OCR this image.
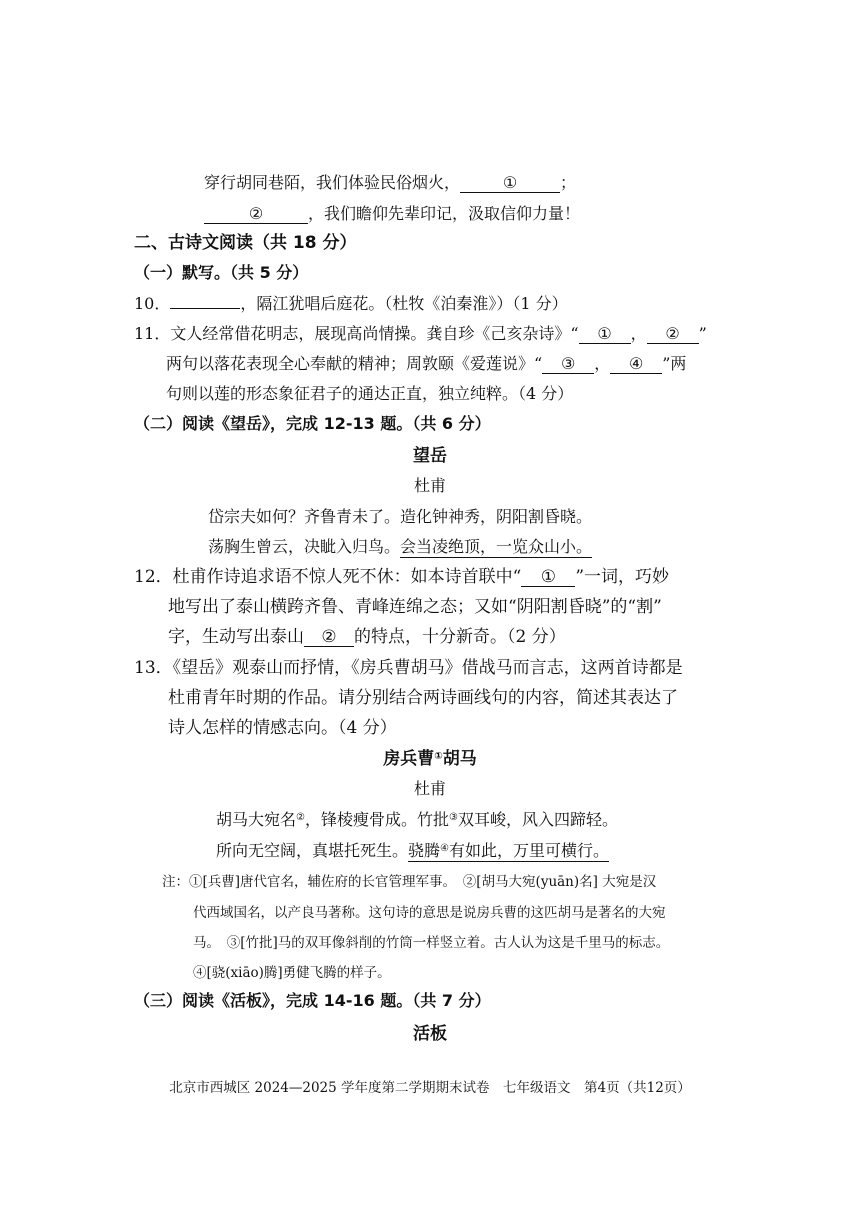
穿行胡同巷陌，我们体验民俗烟火，	①	；
②	，我们瞻仰先辈印记，汲取信仰力量！
二、古诗文阅读（共 18 分）
（一）默写。（共 5 分）
10．	，隔江犹唱后庭花。（杜牧《泊秦淮》）（1 分）
11．文人经常借花明志，展现高尚情操。龚自珍《己亥杂诗》“ ① ， ② ”
两句以落花表现全心奉献的精神；周敦颐《爱莲说》“ ③ ， ④ ”两
句则以莲的形态象征君子的通达正直，独立纯粹。（4 分）
（二）阅读《望岳》，完成 12-13 题。（共 6 分）
望岳
杜甫
岱宗夫如何？齐鲁青未了。造化钟神秀，阴阳割昏晓。
荡胸生曾云，决眦入归鸟。会当凌绝顶，一览众山小。
12．杜甫作诗追求语不惊人死不休：如本诗首联中“ ① ”一词，巧妙
地写出了泰山横跨齐鲁、青峰连绵之态；又如“阴阳割昏晓”的“割”
字，生动写出泰山 ② 的特点，十分新奇。（2 分）
13．《望岳》观泰山而抒情，《房兵曹胡马》借战马而言志，这两首诗都是
杜甫青年时期的作品。请分别结合两诗画线句的内容，简述其表达了
诗人怎样的情感志向。（4 分）
房兵曹①胡马
杜甫
胡马大宛名②，锋棱瘦骨成。竹批③双耳峻，风入四蹄轻。
所向无空阔，真堪托死生。骁腾④有如此，万里可横行。
注：①[兵曹]唐代官名，辅佐府的长官管理军事。　②[胡马大宛(yuān)名] 大宛是汉
代西域国名，以产良马著称。这句诗的意思是说房兵曹的这匹胡马是著名的大宛
马。　③[竹批]马的双耳像斜削的竹筒一样竖立着。古人认为这是千里马的标志。
④[骁(xiāo)腾]勇健飞腾的样子。
（三）阅读《活板》，完成 14-16 题。（共 7 分）
活板
北京市西城区 2024—2025 学年度第二学期期末试卷　七年级语文　第4页（共12页）
